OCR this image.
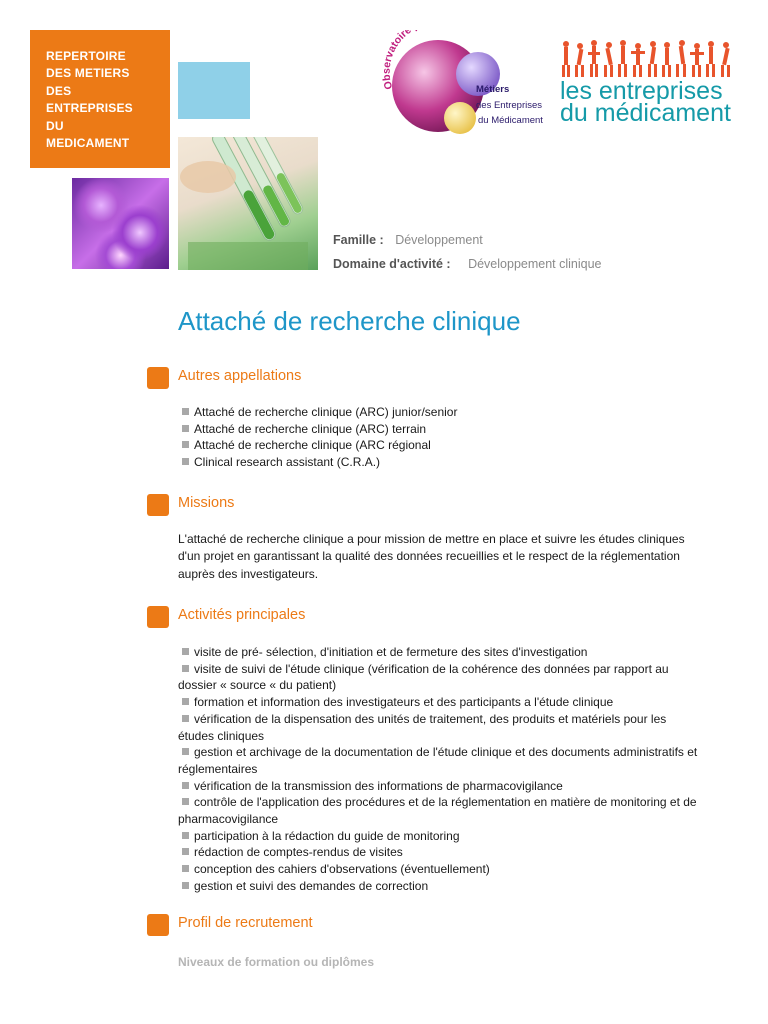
REPERTOIRE
DES METIERS
DES
ENTREPRISES
DU
MEDICAMENT
O ervatoire
Métiers
des Entreprises
du Médicament
les entreprises
du médicament
Famille : Développement
Domaine d'activité : Développement clinique
Attaché de recherche clinique
Autres appellations
Attaché de recherche clinique (ARC) junior/senior
Attaché de recherche clinique (ARC) terrain
Attaché de recherche clinique (ARC régional
Clinical research assistant (C.R.A.)
Missions
L'attaché de recherche clinique a pour mission de mettre en place et suivre les études cliniques d'un projet en garantissant la qualité des données recueillies et le respect de la réglementation auprès des investigateurs.
Activités principales
visite de pré- sélection, d'initiation et de fermeture des sites d'investigation
visite de suivi de l'étude clinique (vérification de la cohérence des données par rapport au dossier « source « du patient)
formation et information des investigateurs et des participants a l'étude clinique
vérification de la dispensation des unités de traitement, des produits et matériels pour les études cliniques
gestion et archivage de la documentation de l'étude clinique et des documents administratifs et réglementaires
vérification de la transmission des informations de pharmacovigilance
contrôle de l'application des procédures et de la réglementation en matière de monitoring et de pharmacovigilance
participation à la rédaction du guide de monitoring
rédaction de comptes-rendus de visites
conception des cahiers d'observations (éventuellement)
gestion et suivi des demandes de correction
Profil de recrutement
Niveaux de formation ou diplômes
